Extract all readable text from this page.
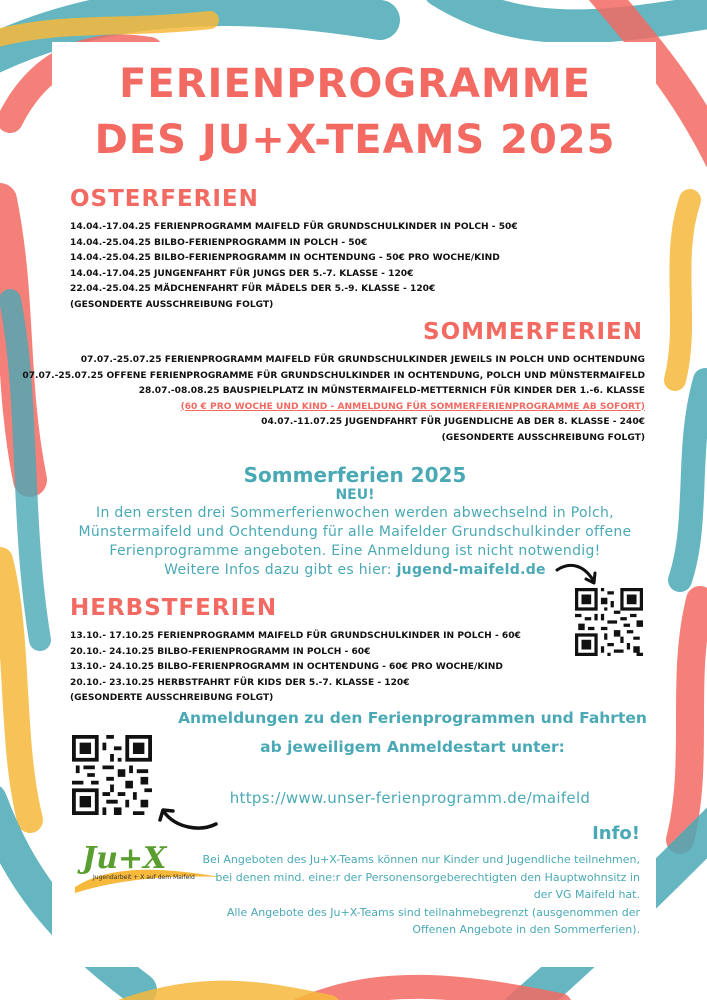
FERIENPROGRAMME
DES JU+X-TEAMS 2025
OSTERFERIEN
14.04.-17.04.25 FERIENPROGRAMM MAIFELD FÜR GRUNDSCHULKINDER IN POLCH - 50€
14.04.-25.04.25 BILBO-FERIENPROGRAMM IN POLCH - 50€
14.04.-25.04.25 BILBO-FERIENPROGRAMM IN OCHTENDUNG - 50€ PRO WOCHE/KIND
14.04.-17.04.25 JUNGENFAHRT FÜR JUNGS DER 5.-7. KLASSE - 120€
22.04.-25.04.25 MÄDCHENFAHRT FÜR MÄDELS DER 5.-9. KLASSE - 120€
(GESONDERTE AUSSCHREIBUNG FOLGT)
SOMMERFERIEN
07.07.-25.07.25 FERIENPROGRAMM MAIFELD FÜR GRUNDSCHULKINDER JEWEILS IN POLCH UND OCHTENDUNG
07.07.-25.07.25 OFFENE FERIENPROGRAMME FÜR GRUNDSCHULKINDER IN OCHTENDUNG, POLCH UND MÜNSTERMAIFELD
28.07.-08.08.25 BAUSPIELPLATZ IN MÜNSTERMAIFELD-METTERNICH FÜR KINDER DER 1.-6. KLASSE
(60 € PRO WOCHE UND KIND - ANMELDUNG FÜR SOMMERFERIENPROGRAMME AB SOFORT)
04.07.-11.07.25 JUGENDFAHRT FÜR JUGENDLICHE AB DER 8. KLASSE - 240€
(GESONDERTE AUSSCHREIBUNG FOLGT)
Sommerferien 2025
NEU!
In den ersten drei Sommerferienwochen werden abwechselnd in Polch, Münstermaifeld und Ochtendung für alle Maifelder Grundschulkinder offene Ferienprogramme angeboten. Eine Anmeldung ist nicht notwendig!
Weitere Infos dazu gibt es hier: jugend-maifeld.de
HERBSTFERIEN
13.10.- 17.10.25 FERIENPROGRAMM MAIFELD FÜR GRUNDSCHULKINDER IN POLCH - 60€
20.10.- 24.10.25 BILBO-FERIENPROGRAMM IN POLCH - 60€
13.10.- 24.10.25 BILBO-FERIENPROGRAMM IN OCHTENDUNG - 60€ PRO WOCHE/KIND
20.10.- 23.10.25 HERBSTFAHRT FÜR KIDS DER 5.-7. KLASSE - 120€
(GESONDERTE AUSSCHREIBUNG FOLGT)
Anmeldungen zu den Ferienprogrammen und Fahrten
ab jeweiligem Anmeldestart unter:
https://www.unser-ferienprogramm.de/maifeld
Ju+X
Jugendarbeit + X auf dem Maifeld
Info!
Bei Angeboten des Ju+X-Teams können nur Kinder und Jugendliche teilnehmen, bei denen mind. eine:r der Personensorgeberechtigten den Hauptwohnsitz in der VG Maifeld hat.
Alle Angebote des Ju+X-Teams sind teilnahmebegrenzt (ausgenommen der Offenen Angebote in den Sommerferien).
